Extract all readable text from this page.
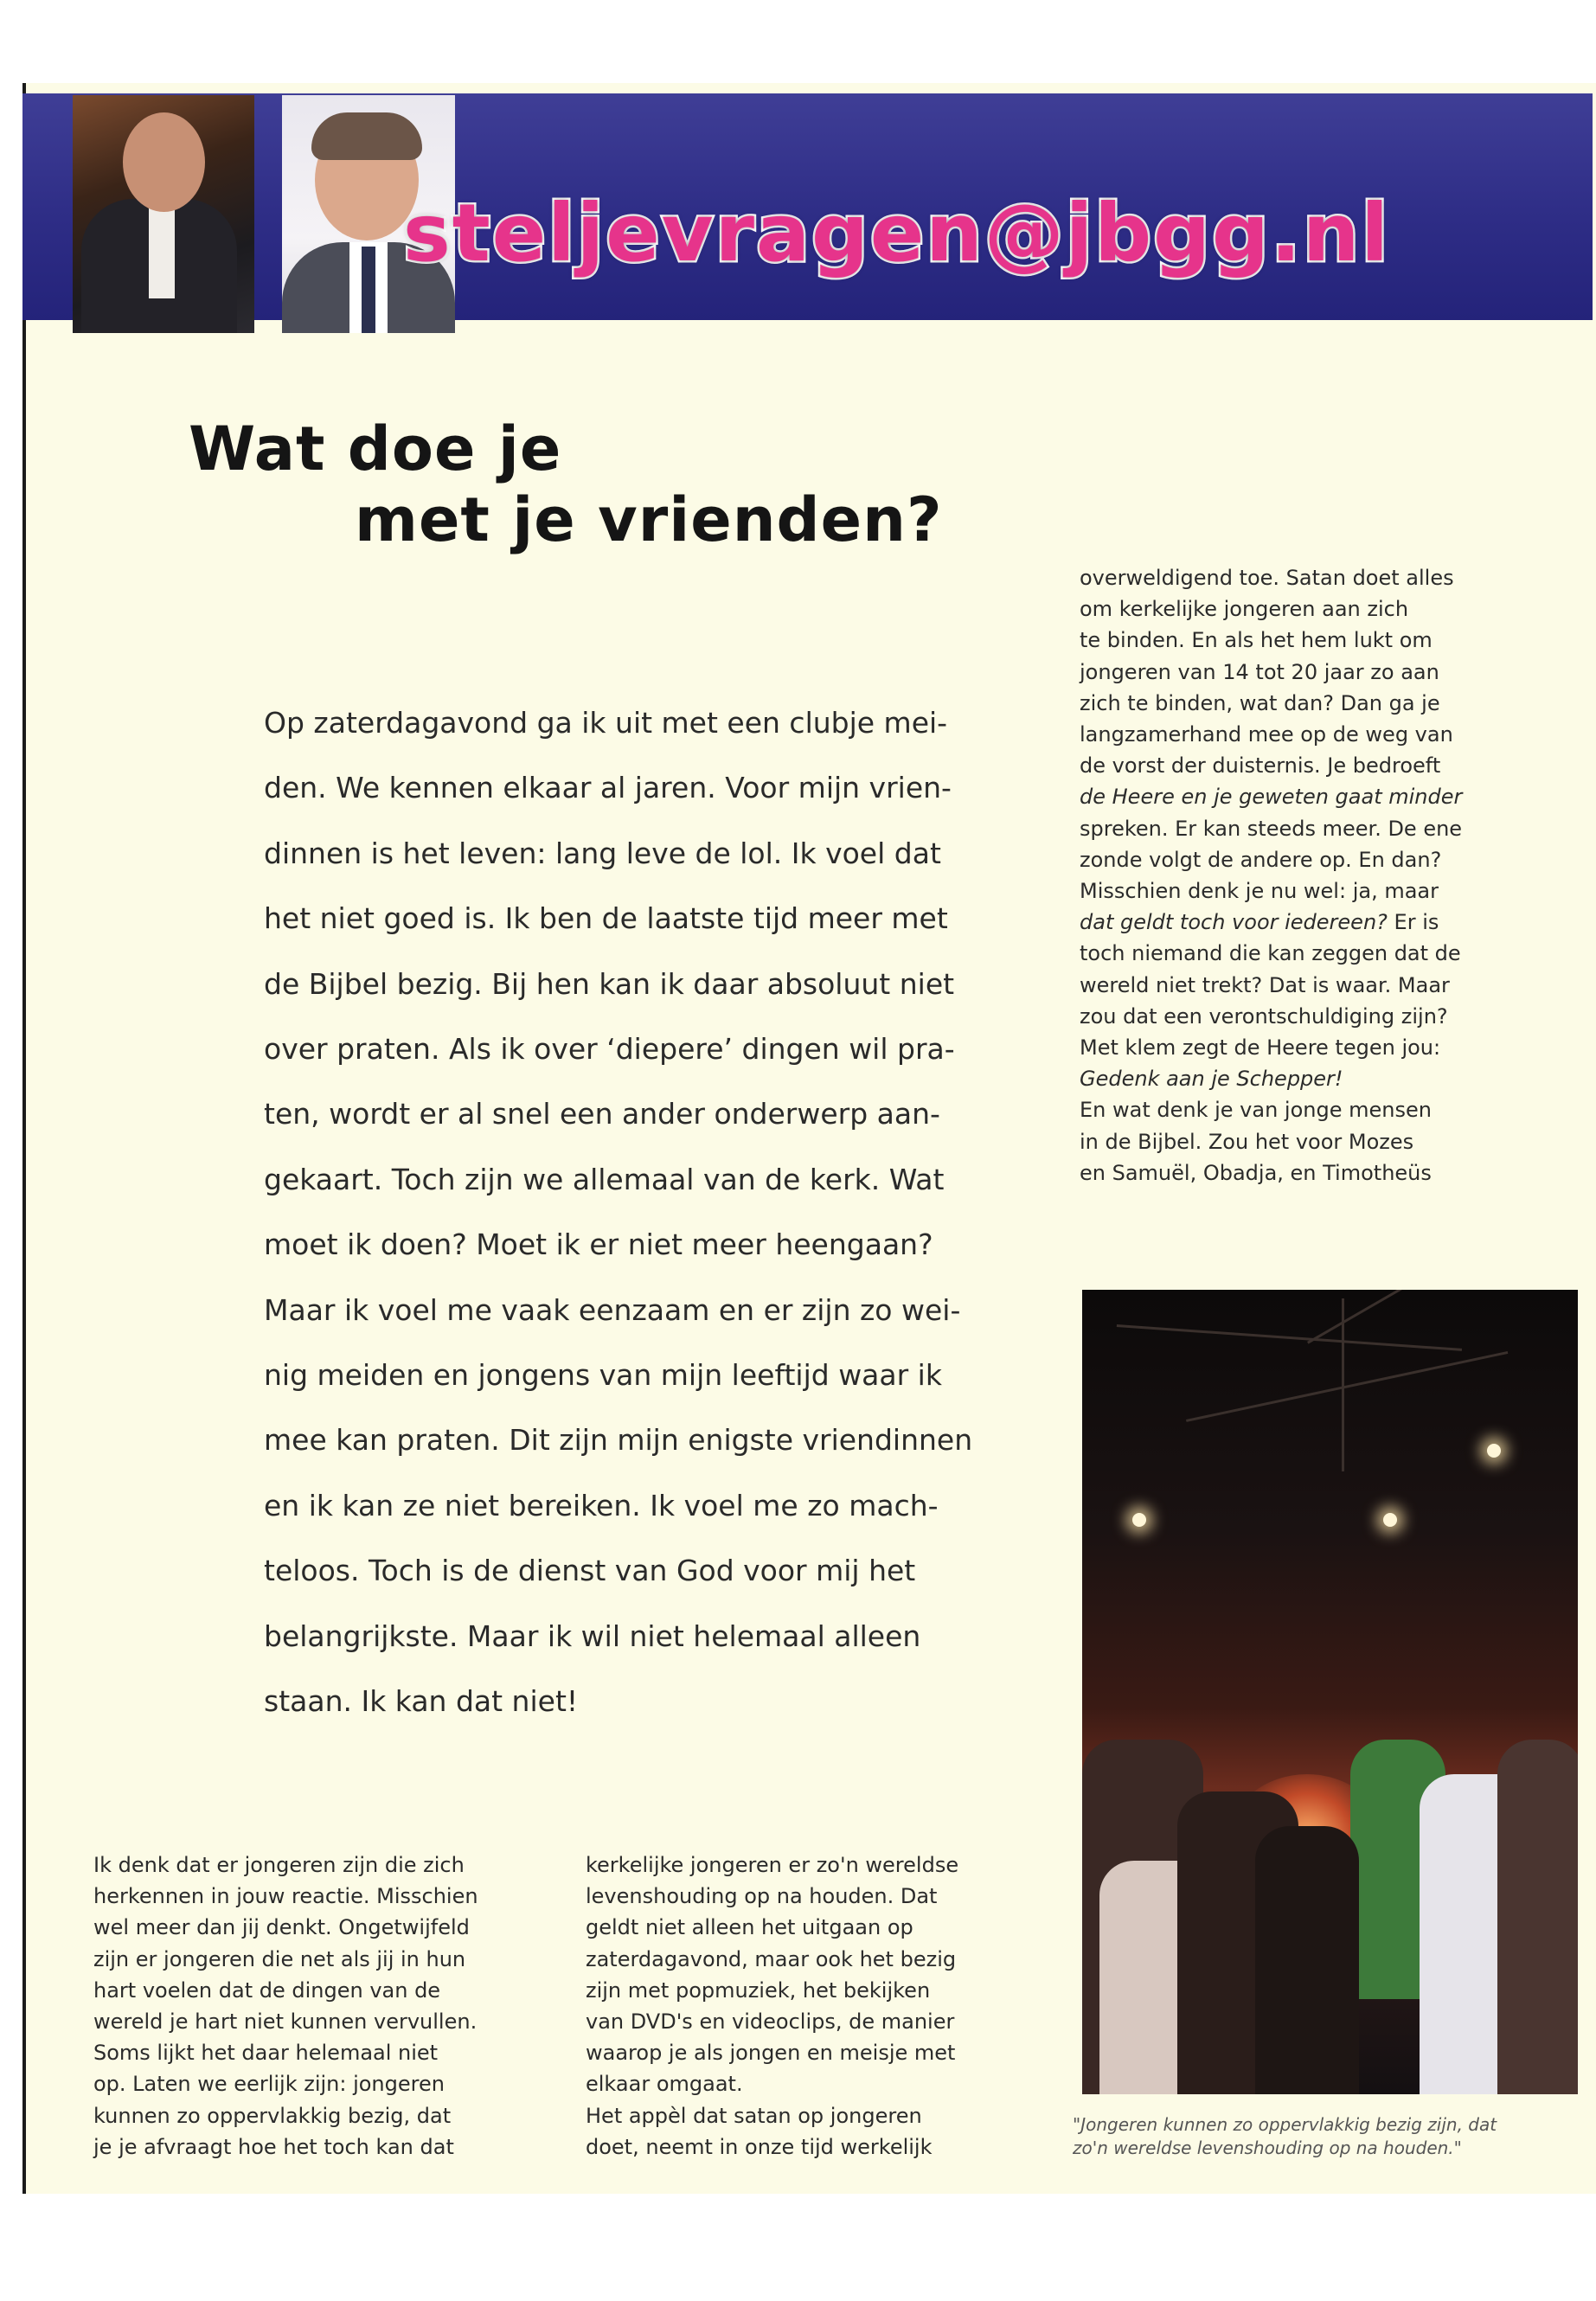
steljevragen@jbgg.nl
Wat doe je
met je vrienden?
Op zaterdagavond ga ik uit met een clubje mei-
den. We kennen elkaar al jaren. Voor mijn vrien-
dinnen is het leven: lang leve de lol. Ik voel dat
het niet goed is. Ik ben de laatste tijd meer met
de Bijbel bezig. Bij hen kan ik daar absoluut niet
over praten. Als ik over ‘diepere’ dingen wil pra-
ten, wordt er al snel een ander onderwerp aan-
gekaart. Toch zijn we allemaal van de kerk. Wat
moet ik doen? Moet ik er niet meer heengaan?
Maar ik voel me vaak eenzaam en er zijn zo wei-
nig meiden en jongens van mijn leeftijd waar ik
mee kan praten. Dit zijn mijn enigste vriendinnen
en ik kan ze niet bereiken. Ik voel me zo mach-
teloos. Toch is de dienst van God voor mij het
belangrijkste. Maar ik wil niet helemaal alleen
staan. Ik kan dat niet!
overweldigend toe. Satan doet alles
om kerkelijke jongeren aan zich
te binden. En als het hem lukt om
jongeren van 14 tot 20 jaar zo aan
zich te binden, wat dan? Dan ga je
langzamerhand mee op de weg van
de vorst der duisternis. Je bedroeft
de Heere en je geweten gaat minder
spreken. Er kan steeds meer. De ene
zonde volgt de andere op. En dan?
Misschien denk je nu wel: ja, maar
dat geldt toch voor iedereen? Er is
toch niemand die kan zeggen dat de
wereld niet trekt? Dat is waar. Maar
zou dat een verontschuldiging zijn?
Met klem zegt de Heere tegen jou:
Gedenk aan je Schepper!
En wat denk je van jonge mensen
in de Bijbel. Zou het voor Mozes
en Samuël, Obadja, en Timotheüs
"Jongeren kunnen zo oppervlakkig bezig zijn, dat
zo'n wereldse levenshouding op na houden."
Ik denk dat er jongeren zijn die zich
herkennen in jouw reactie. Misschien
wel meer dan jij denkt. Ongetwijfeld
zijn er jongeren die net als jij in hun
hart voelen dat de dingen van de
wereld je hart niet kunnen vervullen.
Soms lijkt het daar helemaal niet
op. Laten we eerlijk zijn: jongeren
kunnen zo oppervlakkig bezig, dat
je je afvraagt hoe het toch kan dat
kerkelijke jongeren er zo'n wereldse
levenshouding op na houden. Dat
geldt niet alleen het uitgaan op
zaterdagavond, maar ook het bezig
zijn met popmuziek, het bekijken
van DVD's en videoclips, de manier
waarop je als jongen en meisje met
elkaar omgaat.
Het appèl dat satan op jongeren
doet, neemt in onze tijd werkelijk
